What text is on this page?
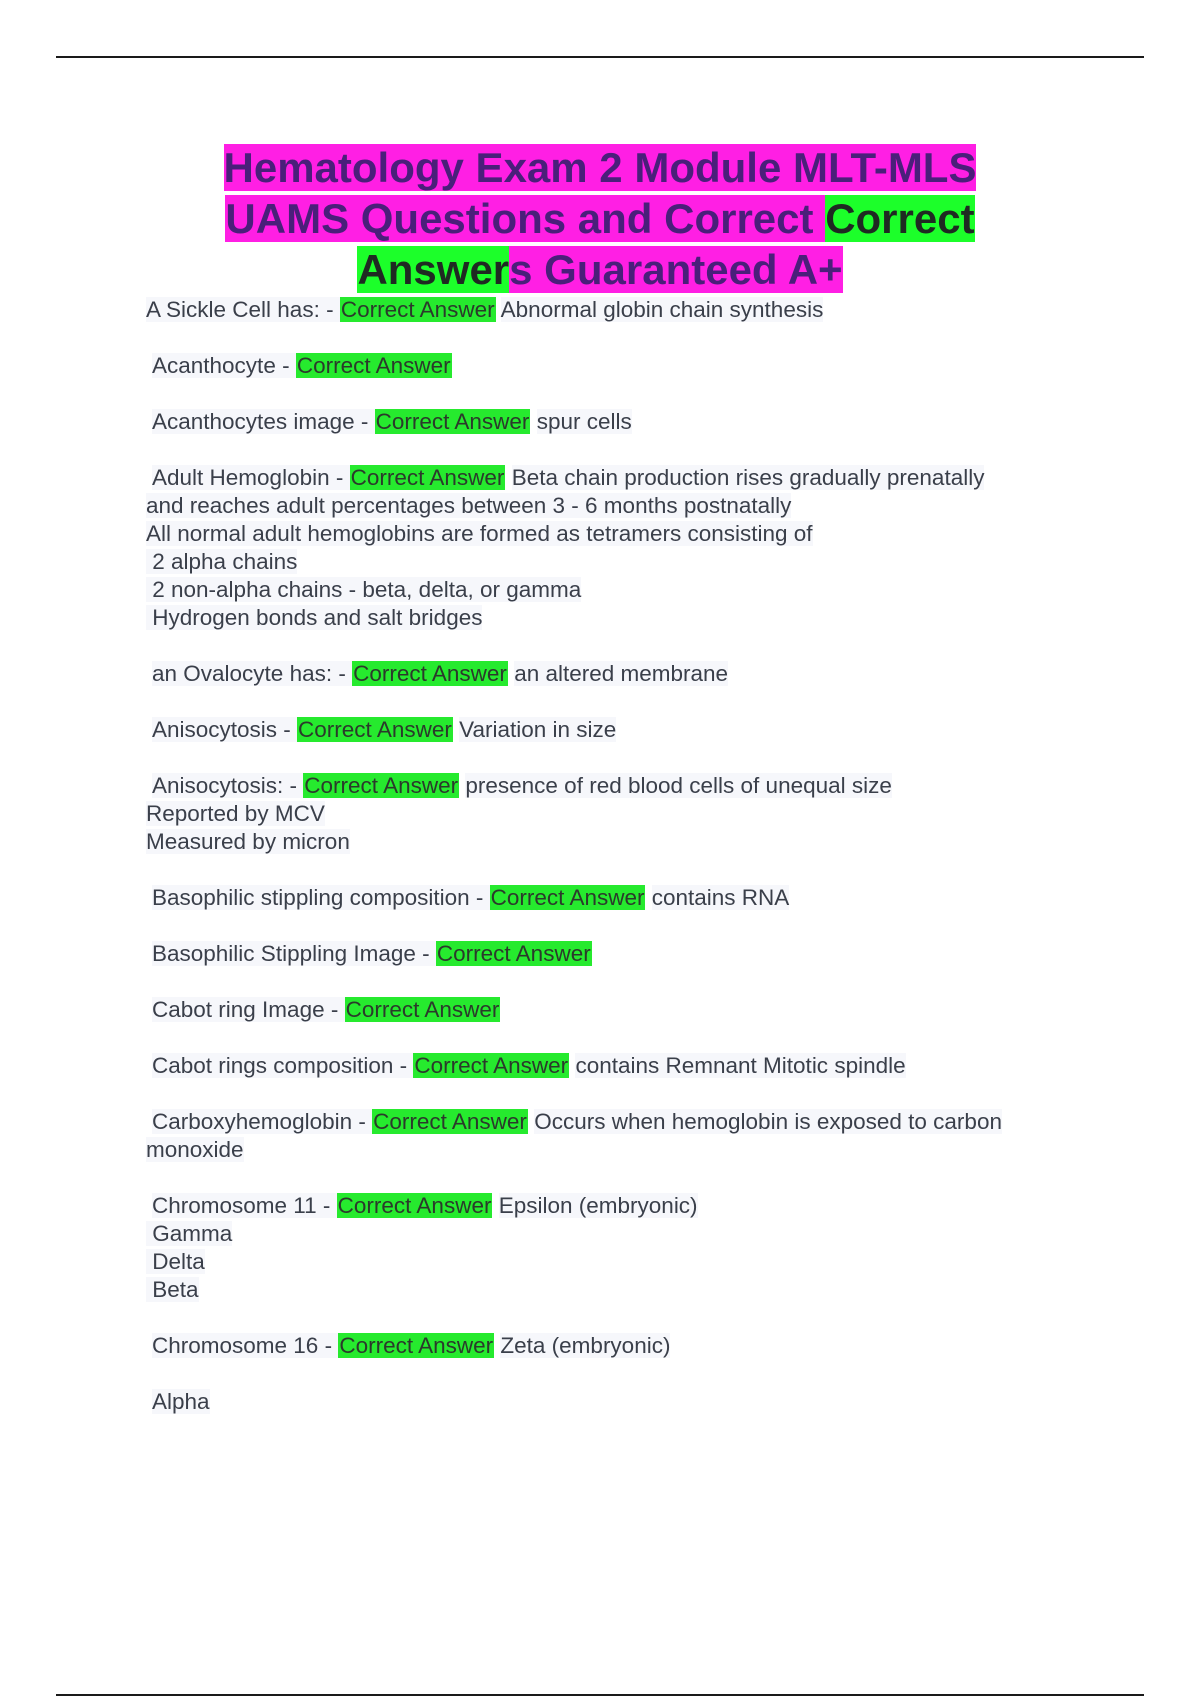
Hematology Exam 2 Module MLT-MLS
UAMS Questions and Correct Correct
Answers Guaranteed A+
A Sickle Cell has: - Correct Answer Abnormal globin chain synthesis
Acanthocyte - Correct Answer
Acanthocytes image - Correct Answer spur cells
Adult Hemoglobin - Correct Answer Beta chain production rises gradually prenatally
and reaches adult percentages between 3 - 6 months postnatally
All normal adult hemoglobins are formed as tetramers consisting of
2 alpha chains
2 non-alpha chains - beta, delta, or gamma
Hydrogen bonds and salt bridges
an Ovalocyte has: - Correct Answer an altered membrane
Anisocytosis - Correct Answer Variation in size
Anisocytosis: - Correct Answer presence of red blood cells of unequal size
Reported by MCV
Measured by micron
Basophilic stippling composition - Correct Answer contains RNA
Basophilic Stippling Image - Correct Answer
Cabot ring Image - Correct Answer
Cabot rings composition - Correct Answer contains Remnant Mitotic spindle
Carboxyhemoglobin - Correct Answer Occurs when hemoglobin is exposed to carbon
monoxide
Chromosome 11 - Correct Answer Epsilon (embryonic)
Gamma
Delta
Beta
Chromosome 16 - Correct Answer Zeta (embryonic)
Alpha
